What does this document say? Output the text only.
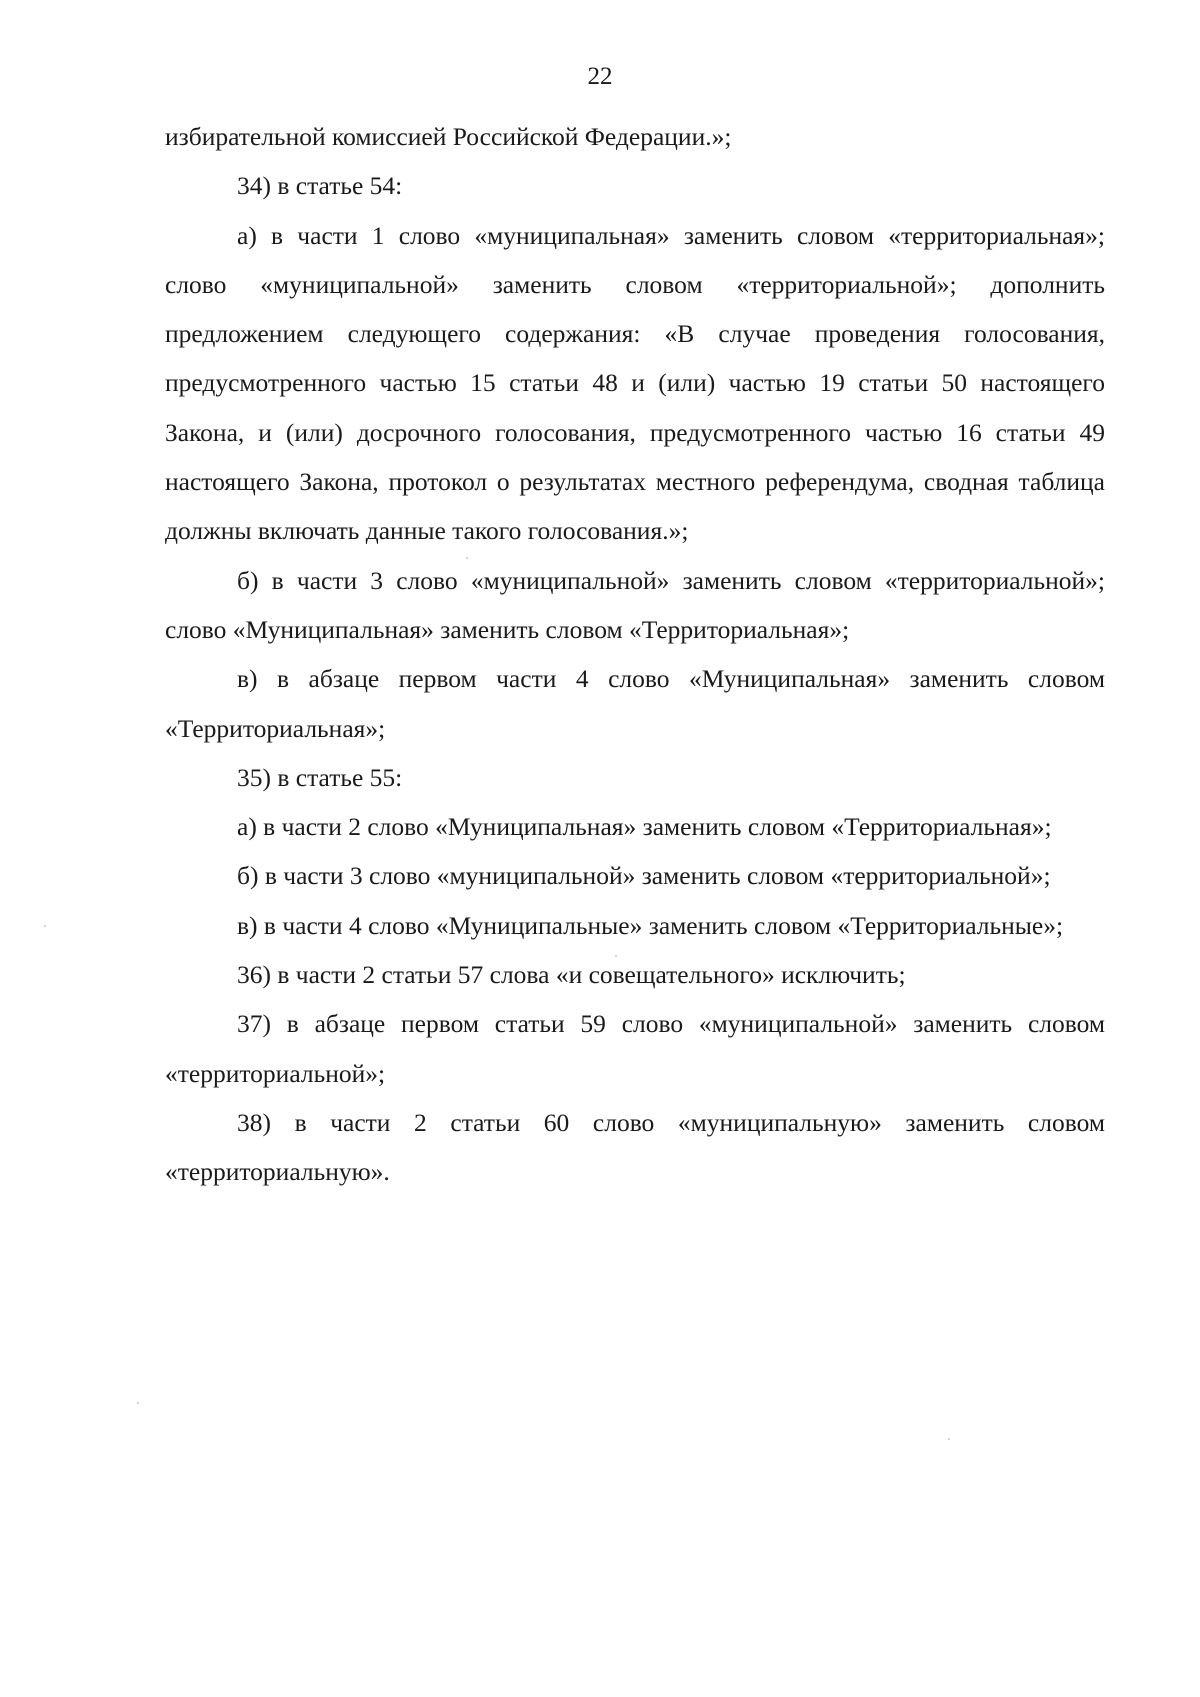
22

избирательной комиссией Российской Федерации.»;

34) в статье 54:

а) в части 1 слово «муниципальная» заменить словом «территориальная»; слово «муниципальной» заменить словом «территориальной»; дополнить предложением следующего содержания: «В случае проведения голосования, предусмотренного частью 15 статьи 48 и (или) частью 19 статьи 50 настоящего Закона, и (или) досрочного голосования, предусмотренного частью 16 статьи 49 настоящего Закона, протокол о результатах местного референдума, сводная таблица должны включать данные такого голосования.»;

б) в части 3 слово «муниципальной» заменить словом «территориальной»; слово «Муниципальная» заменить словом «Территориальная»;

в) в абзаце первом части 4 слово «Муниципальная» заменить словом «Территориальная»;

35) в статье 55:

а) в части 2 слово «Муниципальная» заменить словом «Территориальная»;

б) в части 3 слово «муниципальной» заменить словом «территориальной»;

в) в части 4 слово «Муниципальные» заменить словом «Территориальные»;

36) в части 2 статьи 57 слова «и совещательного» исключить;

37) в абзаце первом статьи 59 слово «муниципальной» заменить словом «территориальной»;

38) в части 2 статьи 60 слово «муниципальную» заменить словом «территориальную».
